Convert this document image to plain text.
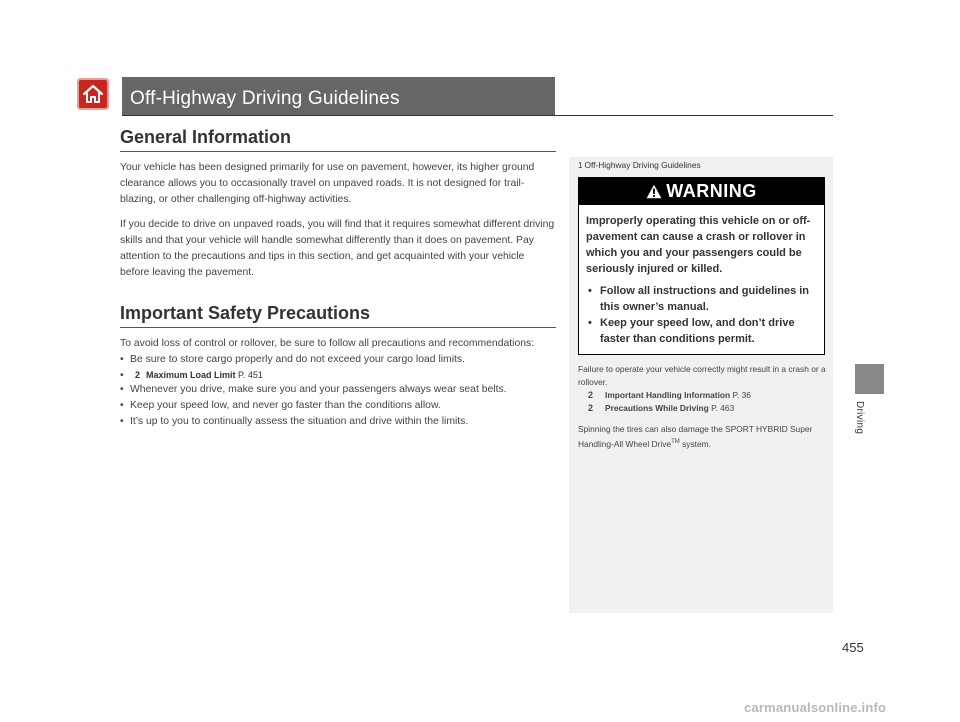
Off-Highway Driving Guidelines
General Information

Your vehicle has been designed primarily for use on pavement, however, its higher ground clearance allows you to occasionally travel on unpaved roads. It is not designed for trail-blazing, or other challenging off-highway activities.

If you decide to drive on unpaved roads, you will find that it requires somewhat different driving skills and that your vehicle will handle somewhat differently than it does on pavement. Pay attention to the precautions and tips in this section, and get acquainted with your vehicle before leaving the pavement.

Important Safety Precautions

To avoid loss of control or rollover, be sure to follow all precautions and recommendations:

• Be sure to store cargo properly and do not exceed your cargo load limits.
• 2 Maximum Load Limit P. 451
• Whenever you drive, make sure you and your passengers always wear seat belts.
• Keep your speed low, and never go faster than the conditions allow.
• It’s up to you to continually assess the situation and drive within the limits.
1 Off-Highway Driving Guidelines
WARNING

Improperly operating this vehicle on or off-pavement can cause a crash or rollover in which you and your passengers could be seriously injured or killed.

• Follow all instructions and guidelines in this owner’s manual.
• Keep your speed low, and don’t drive faster than conditions permit.

Failure to operate your vehicle correctly might result in a crash or a rollover.

2 Important Handling Information P. 36
2 Precautions While Driving P. 463

Spinning the tires can also damage the SPORT HYBRID Super Handling-All Wheel Drive™ system.

Driving
455
carmanualsonline.info
